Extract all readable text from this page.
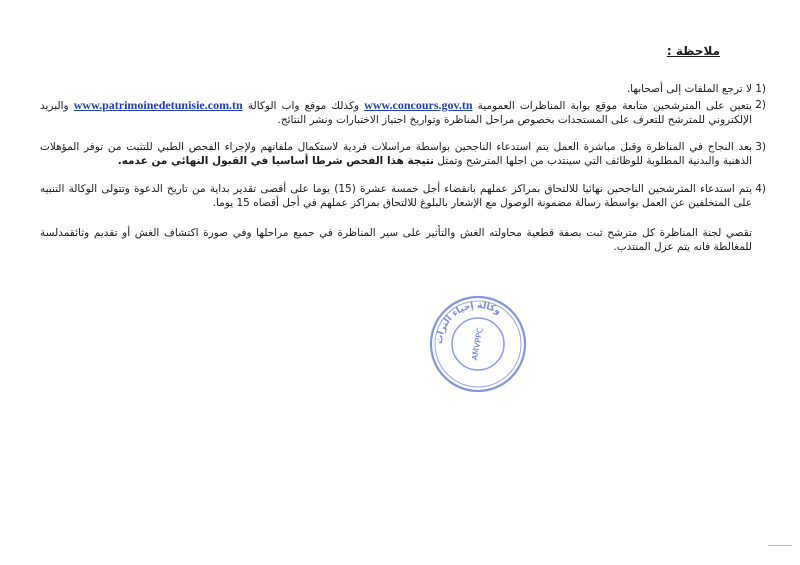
ملاحظة :
1)
لا ترجع الملفات إلى أصحابها.
2)
يتعين على المترشحين متابعة موقع بوابة المناظرات العمومية www.concours.gov.tn وكذلك موقع واب الوكالة www.patrimoinedetunisie.com.tn والبريد الإلكتروني للمترشح للتعرف على المستجدات بخصوص مراحل المناظرة وتواريخ اجتياز الاختبارات ونشر النتائج.
3)
بعد النجاح في المناظرة وقبل مباشرة العمل يتم استدعاء الناجحين بواسطة مراسلات فردية لاستكمال ملفاتهم ولإجراء الفحص الطبي للتثبت من توفر المؤهلات الذهنية والبدنية المطلوبة للوظائف التي سينتدب من اجلها المترشح وتمثل نتيجة هذا الفحص شرطا أساسيا في القبول النهائي من عدمه.
4)
يتم استدعاء المترشحين الناجحين نهائيا للالتحاق بمراكز عملهم بانقضاء أجل خمسة عشرة (15) يوما على أقصى تقدير بداية من تاريخ الدعوة وتتولى الوكالة التنبيه على المتخلفين عن العمل بواسطة رسالة مضمونة الوصول مع الإشعار بالبلوغ للالتحاق بمراكز عملهم في أجل أقصاه 15 يوما.
تقصي لجنة المناظرة كل مترشح ثبت بصفة قطعية محاولته الغش والتأثير على سير المناظرة في جميع مراحلها وفي صورة اكتشاف الغش أو تقديم وثائقمدلسة للمغالطة فانه يتم عزل المنتدب.
وكالة إحياء التراث
AMVPPC
